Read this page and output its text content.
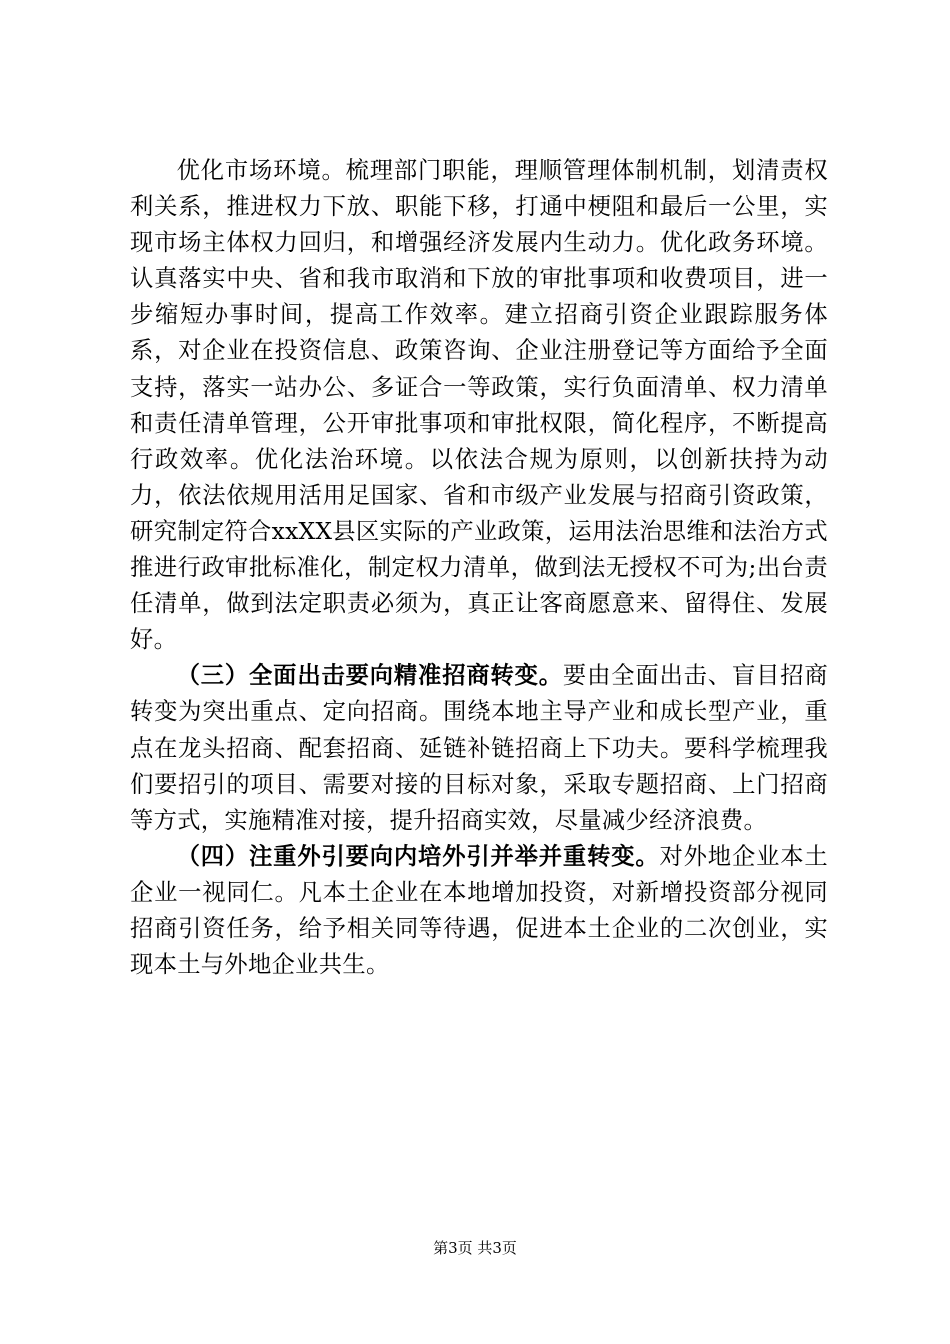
优化市场环境。梳理部门职能，理顺管理体制机制，划清责权利关系，推进权力下放、职能下移，打通中梗阻和最后一公里，实现市场主体权力回归，和增强经济发展内生动力。优化政务环境。认真落实中央、省和我市取消和下放的审批事项和收费项目，进一步缩短办事时间，提高工作效率。建立招商引资企业跟踪服务体系，对企业在投资信息、政策咨询、企业注册登记等方面给予全面支持，落实一站办公、多证合一等政策，实行负面清单、权力清单和责任清单管理，公开审批事项和审批权限，简化程序，不断提高行政效率。优化法治环境。以依法合规为原则，以创新扶持为动力，依法依规用活用足国家、省和市级产业发展与招商引资政策，研究制定符合xxXX县区实际的产业政策，运用法治思维和法治方式推进行政审批标准化，制定权力清单，做到法无授权不可为;出台责任清单，做到法定职责必须为，真正让客商愿意来、留得住、发展好。

（三）全面出击要向精准招商转变。要由全面出击、盲目招商转变为突出重点、定向招商。围绕本地主导产业和成长型产业，重点在龙头招商、配套招商、延链补链招商上下功夫。要科学梳理我们要招引的项目、需要对接的目标对象，采取专题招商、上门招商等方式，实施精准对接，提升招商实效，尽量减少经济浪费。

（四）注重外引要向内培外引并举并重转变。对外地企业本土企业一视同仁。凡本土企业在本地增加投资，对新增投资部分视同招商引资任务，给予相关同等待遇，促进本土企业的二次创业，实现本土与外地企业共生。

第3页 共3页
